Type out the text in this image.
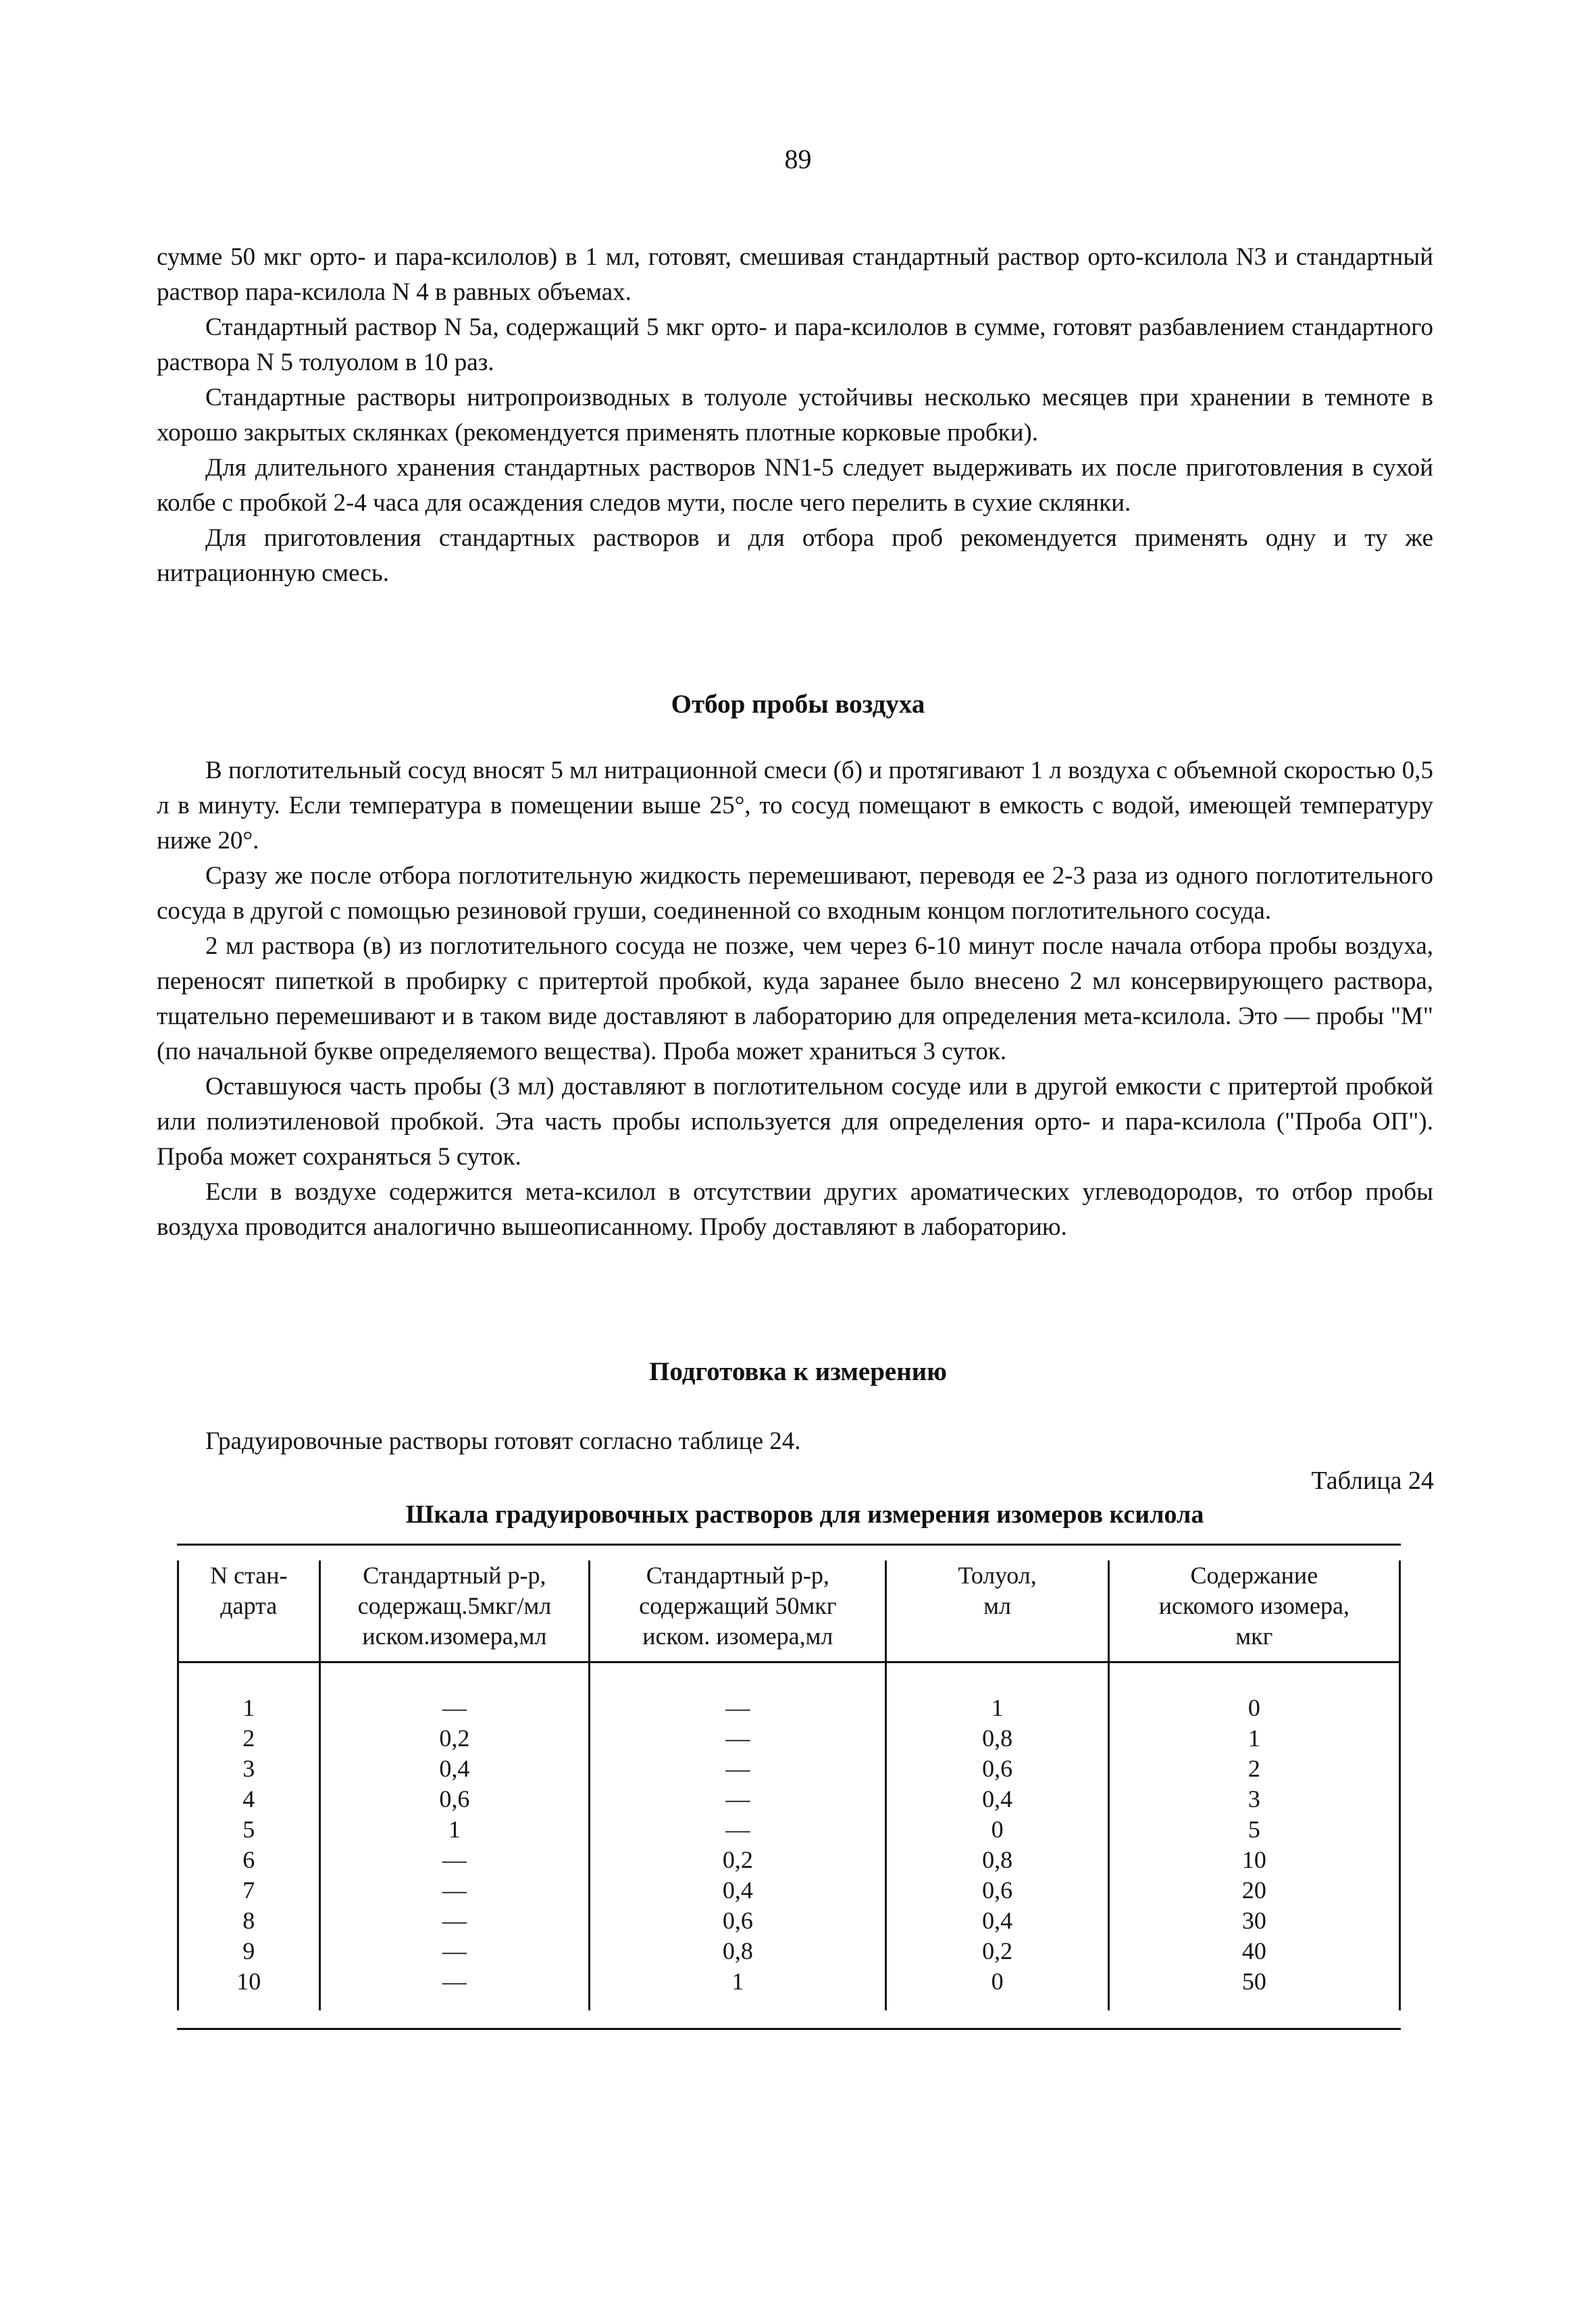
89

сумме 50 мкг орто- и пара-ксилолов) в 1 мл, готовят, смешивая стандартный раствор орто-ксилола N3 и стандартный раствор пара-ксилола N 4 в равных объемах.

Стандартный раствор N 5а, содержащий 5 мкг орто- и пара-ксилолов в сумме, готовят разбавлением стандартного раствора N 5 толуолом в 10 раз.

Стандартные растворы нитропроизводных в толуоле устойчивы несколько месяцев при хранении в темноте в хорошо закрытых склянках (рекомендуется применять плотные корковые пробки).

Для длительного хранения стандартных растворов NN1-5 следует выдерживать их после приготовления в сухой колбе с пробкой 2-4 часа для осаждения следов мути, после чего перелить в сухие склянки.

Для приготовления стандартных растворов и для отбора проб рекомендуется применять одну и ту же нитрационную смесь.

Отбор пробы воздуха

В поглотительный сосуд вносят 5 мл нитрационной смеси (б) и протягивают 1 л воздуха с объемной скоростью 0,5 л в минуту. Если температура в помещении выше 25°, то сосуд помещают в емкость с водой, имеющей температуру ниже 20°.

Сразу же после отбора поглотительную жидкость перемешивают, переводя ее 2-3 раза из одного поглотительного сосуда в другой с помощью резиновой груши, соединенной со входным концом поглотительного сосуда.

2 мл раствора (в) из поглотительного сосуда не позже, чем через 6-10 минут после начала отбора пробы воздуха, переносят пипеткой в пробирку с притертой пробкой, куда заранее было внесено 2 мл консервирующего раствора, тщательно перемешивают и в таком виде доставляют в лабораторию для определения мета-ксилола. Это — пробы "М" (по начальной букве определяемого вещества). Проба может храниться 3 суток.

Оставшуюся часть пробы (3 мл) доставляют в поглотительном сосуде или в другой емкости с притертой пробкой или полиэтиленовой пробкой. Эта часть пробы используется для определения орто- и пара-ксилола ("Проба ОП"). Проба может сохраняться 5 суток.

Если в воздухе содержится мета-ксилол в отсутствии других ароматических углеводородов, то отбор пробы воздуха проводится аналогично вышеописанному. Пробу доставляют в лабораторию.

Подготовка к измерению

Градуировочные растворы готовят согласно таблице 24.

Таблица 24
Шкала градуировочных растворов для измерения изомеров ксилола
N стан-
дарта	Стандартный р-р,
содержащ.5мкг/мл
иском.изомера,мл	Стандартный р-р,
содержащий 50мкг
иском. изомера,мл	Толуол,
мл	Содержание
искомого изомера,
мкг
1	—	—	1	0
2	0,2	—	0,8	1
3	0,4	—	0,6	2
4	0,6	—	0,4	3
5	1	—	0	5
6	—	0,2	0,8	10
7	—	0,4	0,6	20
8	—	0,6	0,4	30
9	—	0,8	0,2	40
10	—	1	0	50
